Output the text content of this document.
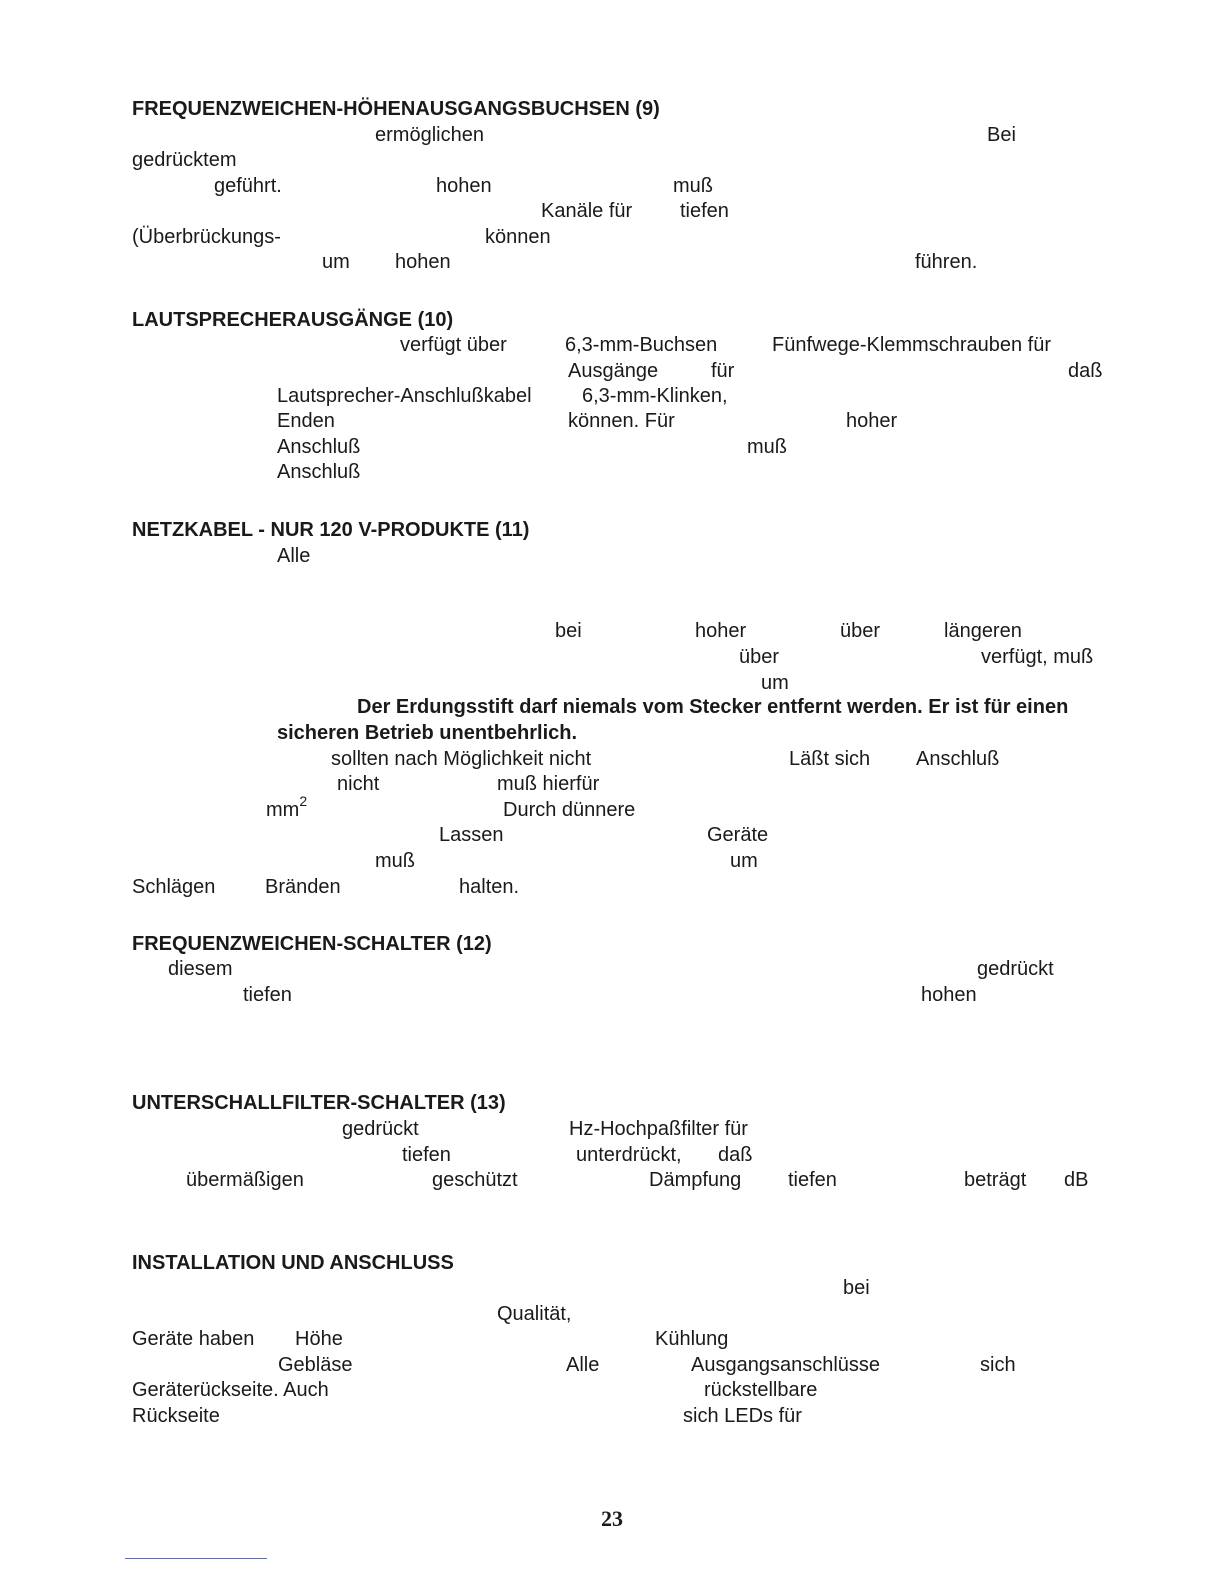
FREQUENZWEICHEN-HÖHENAUSGANGSBUCHSEN (9)
ermöglichen	Bei
gedrücktem
geführt.	hohen	muß
Kanäle für tiefen
(Überbrückungs-	können
um hohen	führen.
LAUTSPRECHERAUSGÄNGE (10)
verfügt über	6,3-mm-Buchsen	Fünfwege-Klemmschrauben für
Ausgänge	für	daß
Lautsprecher-Anschlußkabel	6,3-mm-Klinken,
Enden	können. Für	hoher
Anschluß	muß
Anschluß
NETZKABEL - NUR 120 V-PRODUKTE (11)
Alle
bei	hoher	über	längeren
über	verfügt, muß
um
Der Erdungsstift darf niemals vom Stecker entfernt werden. Er ist für einen
sicheren Betrieb unentbehrlich.
sollten nach Möglichkeit nicht	Läßt sich Anschluß
nicht	muß hierfür
$mm^2$	Durch dünnere
Lassen	Geräte
muß	um
Schlägen Bränden	halten.
FREQUENZWEICHEN-SCHALTER (12)
diesem	gedrückt
tiefen	hohen
UNTERSCHALLFILTER-SCHALTER (13)
gedrückt	Hz-Hochpaßfilter für
tiefen	unterdrückt, daß
übermäßigen	geschützt	Dämpfung tiefen	beträgt dB
INSTALLATION UND ANSCHLUSS
bei
Qualität,
Geräte haben Höhe	Kühlung
Gebläse	Alle	Ausgangsanschlüsse	sich
Geräterückseite. Auch	rückstellbare
Rückseite	sich LEDs für
23
